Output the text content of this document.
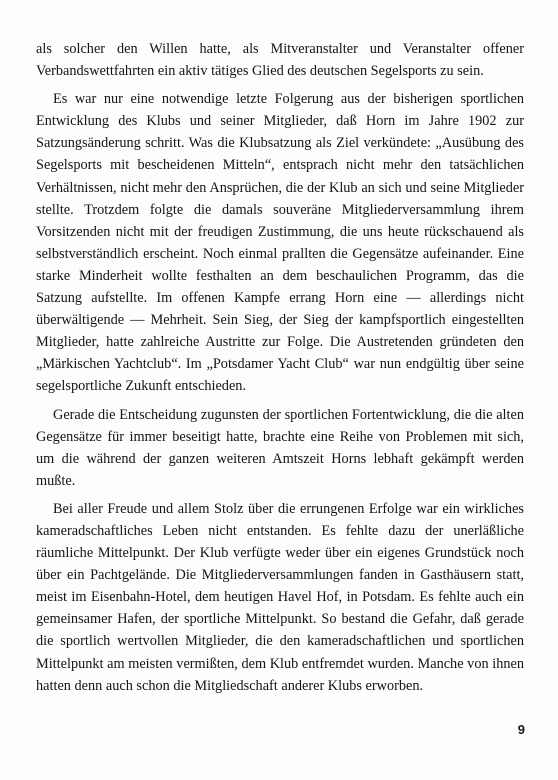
als solcher den Willen hatte, als Mitveranstalter und Veranstalter offener Verbandswettfahrten ein aktiv tätiges Glied des deutschen Segelsports zu sein.

Es war nur eine notwendige letzte Folgerung aus der bisherigen sportlichen Entwicklung des Klubs und seiner Mitglieder, daß Horn im Jahre 1902 zur Satzungsänderung schritt. Was die Klubsatzung als Ziel verkündete: „Ausübung des Segelsports mit bescheidenen Mitteln“, entsprach nicht mehr den tatsächlichen Verhältnissen, nicht mehr den Ansprüchen, die der Klub an sich und seine Mitglieder stellte. Trotzdem folgte die damals souveräne Mitgliederversammlung ihrem Vorsitzenden nicht mit der freudigen Zustimmung, die uns heute rückschauend als selbstverständlich erscheint. Noch einmal prallten die Gegensätze aufeinander. Eine starke Minderheit wollte festhalten an dem beschaulichen Programm, das die Satzung aufstellte. Im offenen Kampfe errang Horn eine — allerdings nicht überwältigende — Mehrheit. Sein Sieg, der Sieg der kampfsportlich eingestellten Mitglieder, hatte zahlreiche Austritte zur Folge. Die Austretenden gründeten den „Märkischen Yachtclub“. Im „Potsdamer Yacht Club“ war nun endgültig über seine segelsportliche Zukunft entschieden.

Gerade die Entscheidung zugunsten der sportlichen Fortentwicklung, die die alten Gegensätze für immer beseitigt hatte, brachte eine Reihe von Problemen mit sich, um die während der ganzen weiteren Amtszeit Horns lebhaft gekämpft werden mußte.

Bei aller Freude und allem Stolz über die errungenen Erfolge war ein wirkliches kameradschaftliches Leben nicht entstanden. Es fehlte dazu der unerläßliche räumliche Mittelpunkt. Der Klub verfügte weder über ein eigenes Grundstück noch über ein Pachtgelände. Die Mitgliederversammlungen fanden in Gasthäusern statt, meist im Eisenbahn-Hotel, dem heutigen Havel Hof, in Potsdam. Es fehlte auch ein gemeinsamer Hafen, der sportliche Mittelpunkt. So bestand die Gefahr, daß gerade die sportlich wertvollen Mitglieder, die den kameradschaftlichen und sportlichen Mittelpunkt am meisten vermißten, dem Klub entfremdet wurden. Manche von ihnen hatten denn auch schon die Mitgliedschaft anderer Klubs erworben.

9
